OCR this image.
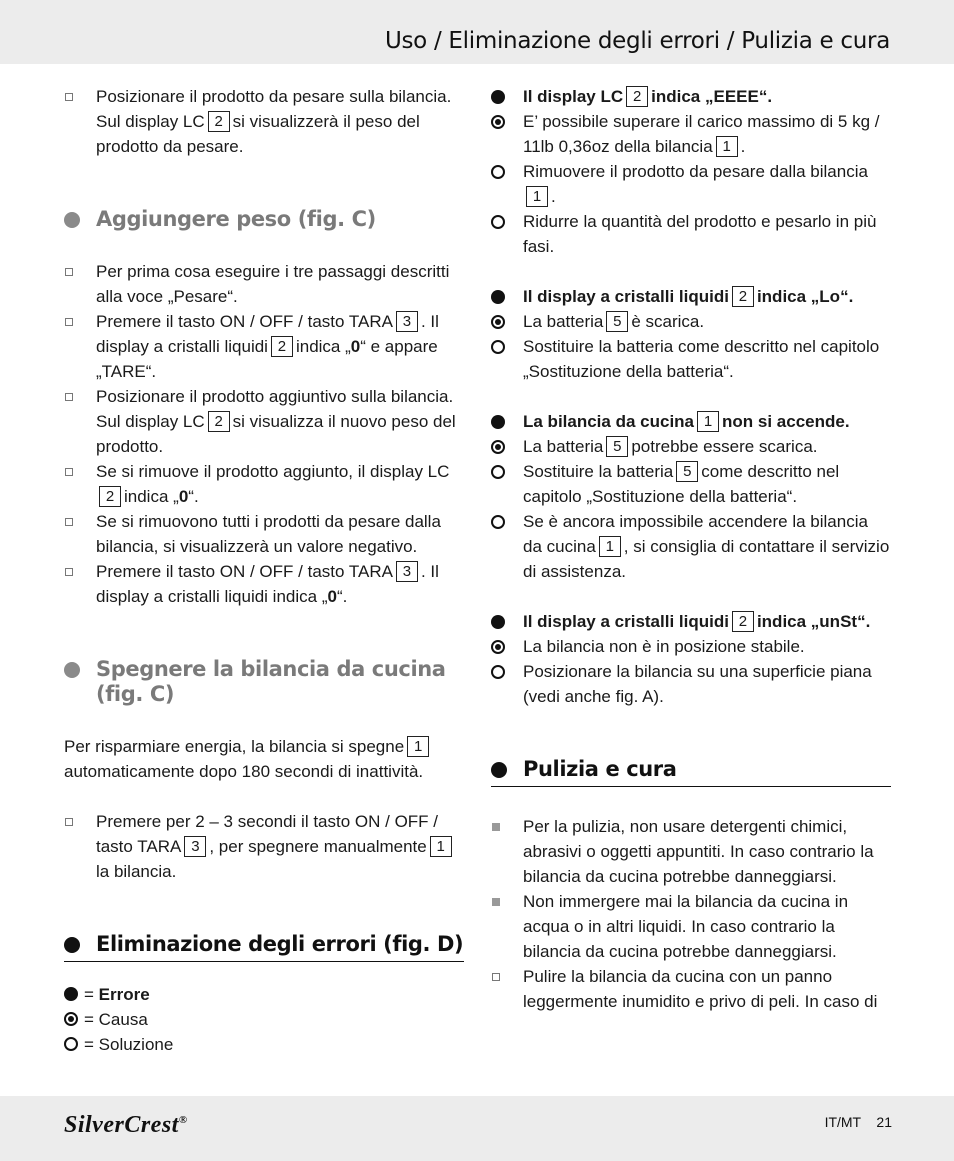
Uso / Eliminazione degli errori / Pulizia e cura
Posizionare il prodotto da pesare sulla bilancia. Sul display LC 2 si visualizzerà il peso del prodotto da pesare.
Aggiungere peso (fig. C)
Per prima cosa eseguire i tre passaggi descritti alla voce „Pesare“.
Premere il tasto ON / OFF / tasto TARA 3 . Il display a cristalli liquidi 2 indica „0“ e appare „TARE“.
Posizionare il prodotto aggiuntivo sulla bilancia. Sul display LC 2 si visualizza il nuovo peso del prodotto.
Se si rimuove il prodotto aggiunto, il display LC2 indica „0“.
Se si rimuovono tutti i prodotti da pesare dalla bilancia, si visualizzerà un valore negativo.
Premere il tasto ON / OFF / tasto TARA 3 . Il display a cristalli liquidi indica „0“.
Spegnere la bilancia da cucina (fig. C)
Per risparmiare energia, la bilancia si spegne 1automaticamente dopo 180 secondi di inattività.
Premere per 2 – 3 secondi il tasto ON / OFF / tasto TARA 3 , per spegnere manualmente 1la bilancia.
Eliminazione degli errori (fig. D)
= Errore
= Causa
= Soluzione
Il display LC 2 indica „EEEE“.
E’ possibile superare il carico massimo di 5 kg / 11lb 0,36oz della bilancia 1 .
Rimuovere il prodotto da pesare dalla bilancia1 .
Ridurre la quantità del prodotto e pesarlo in più fasi.
Il display a cristalli liquidi 2 indica „Lo“.
La batteria 5 è scarica.
Sostituire la batteria come descritto nel capitolo „Sostituzione della batteria“.
La bilancia da cucina 1 non si accende.
La batteria 5 potrebbe essere scarica.
Sostituire la batteria 5 come descritto nel capitolo „Sostituzione della batteria“.
Se è ancora impossibile accendere la bilancia da cucina 1 , si consiglia di contattare il servizio di assistenza.
Il display a cristalli liquidi 2 indica „unSt“.
La bilancia non è in posizione stabile.
Posizionare la bilancia su una superficie piana (vedi anche fig. A).
Pulizia e cura
Per la pulizia, non usare detergenti chimici, abrasivi o oggetti appuntiti. In caso contrario la bilancia da cucina potrebbe danneggiarsi.
Non immergere mai la bilancia da cucina in acqua o in altri liquidi. In caso contrario la bilancia da cucina potrebbe danneggiarsi.
Pulire la bilancia da cucina con un panno leggermente inumidito e privo di peli. In caso di
SilverCrest®	IT/MT    21
